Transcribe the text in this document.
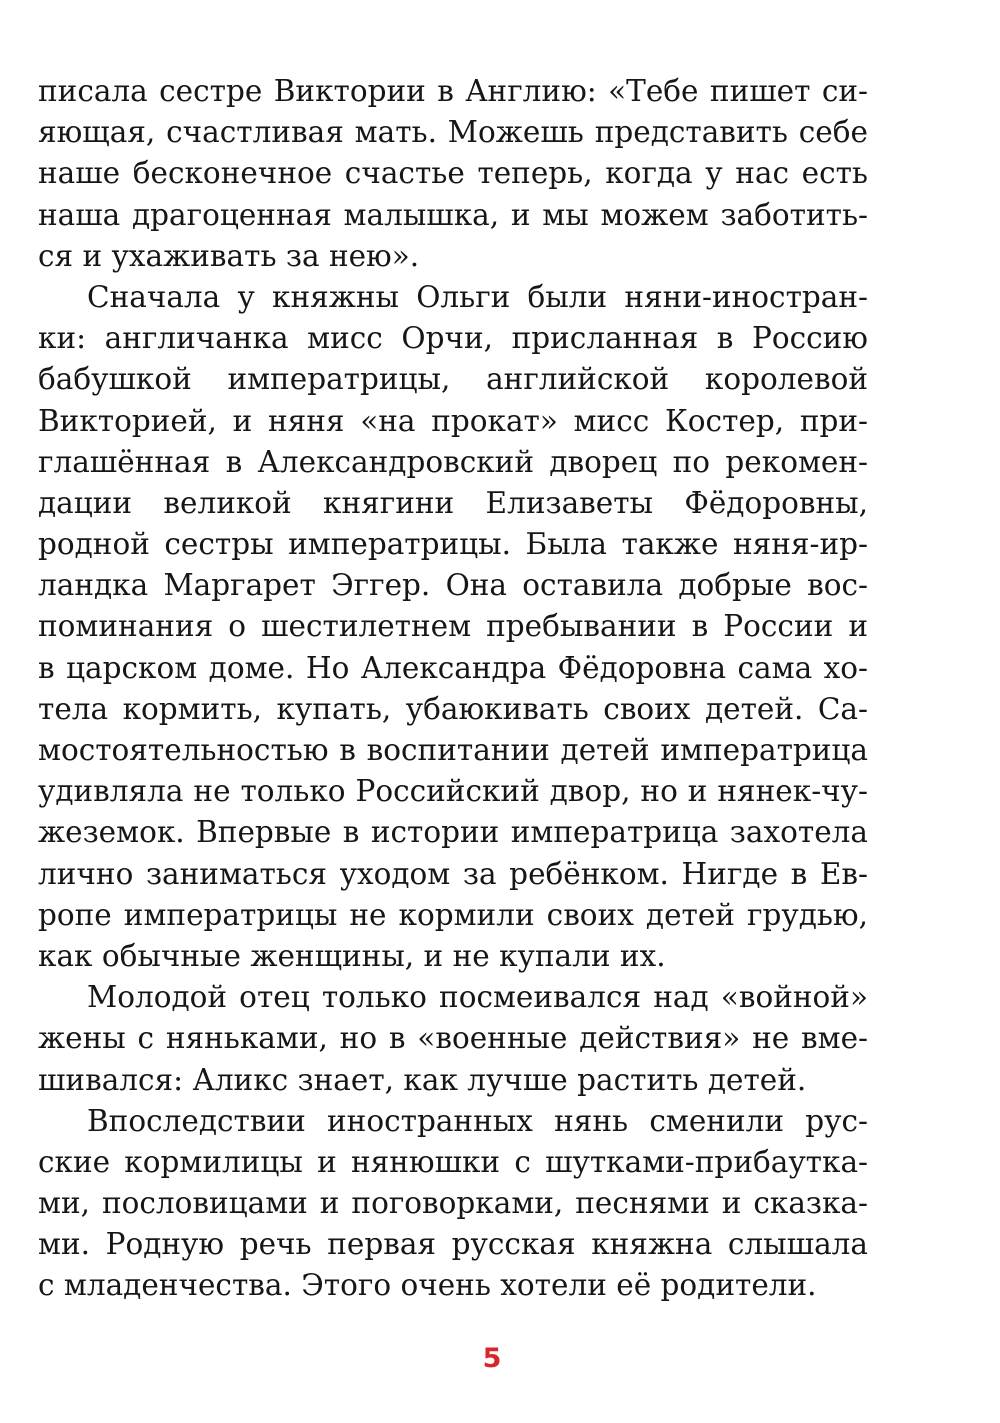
писала сестре Виктории в Англию: «Тебе пишет си-
яющая, счастливая мать. Можешь представить себе
наше бесконечное счастье теперь, когда у нас есть
наша драгоценная малышка, и мы можем заботить-
ся и ухаживать за нею».
Сначала у княжны Ольги были няни-иностран-
ки: англичанка мисс Орчи, присланная в Россию
бабушкой императрицы, английской королевой
Викторией, и няня «на прокат» мисс Костер, при-
глашённая в Александровский дворец по рекомен-
дации великой княгини Елизаветы Фёдоровны,
родной сестры императрицы. Была также няня-ир-
ландка Маргарет Эггер. Она оставила добрые вос-
поминания о шестилетнем пребывании в России и
в царском доме. Но Александра Фёдоровна сама хо-
тела кормить, купать, убаюкивать своих детей. Са-
мостоятельностью в воспитании детей императрица
удивляла не только Российский двор, но и нянек-чу-
жеземок. Впервые в истории императрица захотела
лично заниматься уходом за ребёнком. Нигде в Ев-
ропе императрицы не кормили своих детей грудью,
как обычные женщины, и не купали их.
Молодой отец только посмеивался над «войной»
жены с няньками, но в «военные действия» не вме-
шивался: Аликс знает, как лучше растить детей.
Впоследствии иностранных нянь сменили рус-
ские кормилицы и нянюшки с шутками-прибаутка-
ми, пословицами и поговорками, песнями и сказка-
ми. Родную речь первая русская княжна слышала
с младенчества. Этого очень хотели её родители.
5
